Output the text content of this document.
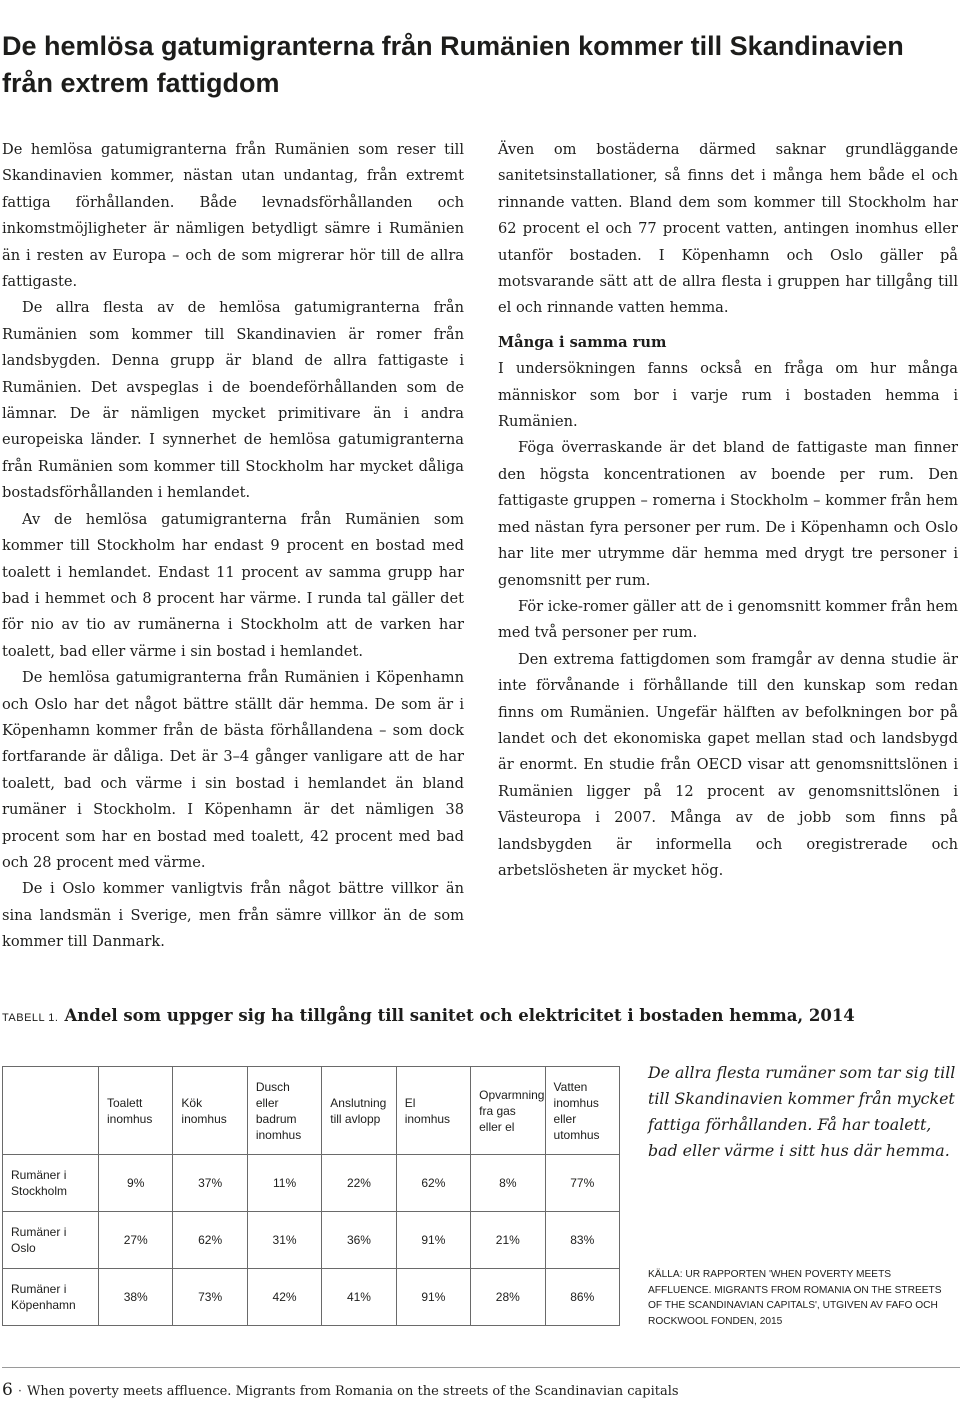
De hemlösa gatumigranterna från Rumänien kommer till Skandinavien från extrem fattigdom

De hemlösa gatumigranterna från Rumänien som reser till Skandinavien kommer, nästan utan undantag, från extremt fattiga förhållanden. Både levnadsförhållanden och inkomstmöjligheter är nämligen betydligt sämre i Rumänien än i resten av Europa – och de som migrerar hör till de allra fattigaste.

De allra flesta av de hemlösa gatumigranterna från Rumänien som kommer till Skandinavien är romer från landsbygden. Denna grupp är bland de allra fattigaste i Rumänien. Det avspeglas i de boendeförhållanden som de lämnar. De är nämligen mycket primitivare än i andra europeiska länder. I synnerhet de hemlösa gatumigranterna från Rumänien som kommer till Stockholm har mycket dåliga bostadsförhållanden i hemlandet.

Av de hemlösa gatumigranterna från Rumänien som kommer till Stockholm har endast 9 procent en bostad med toalett i hemlandet. Endast 11 procent av samma grupp har bad i hemmet och 8 procent har värme. I runda tal gäller det för nio av tio av rumänerna i Stockholm att de varken har toalett, bad eller värme i sin bostad i hemlandet.

De hemlösa gatumigranterna från Rumänien i Köpenhamn och Oslo har det något bättre ställt där hemma. De som är i Köpenhamn kommer från de bästa förhållandena – som dock fortfarande är dåliga. Det är 3–4 gånger vanligare att de har toalett, bad och värme i sin bostad i hemlandet än bland rumäner i Stockholm. I Köpenhamn är det nämligen 38 procent som har en bostad med toalett, 42 procent med bad och 28 procent med värme.

De i Oslo kommer vanligtvis från något bättre villkor än sina landsmän i Sverige, men från sämre villkor än de som kommer till Danmark.

Även om bostäderna därmed saknar grundläggande sanitetsinstallationer, så finns det i många hem både el och rinnande vatten. Bland dem som kommer till Stockholm har 62 procent el och 77 procent vatten, antingen inomhus eller utanför bostaden. I Köpenhamn och Oslo gäller på motsvarande sätt att de allra flesta i gruppen har tillgång till el och rinnande vatten hemma.

Många i samma rum

I undersökningen fanns också en fråga om hur många människor som bor i varje rum i bostaden hemma i Rumänien.

Föga överraskande är det bland de fattigaste man finner den högsta koncentrationen av boende per rum. Den fattigaste gruppen – romerna i Stockholm – kommer från hem med nästan fyra personer per rum. De i Köpenhamn och Oslo har lite mer utrymme där hemma med drygt tre personer i genomsnitt per rum.

För icke-romer gäller att de i genomsnitt kommer från hem med två personer per rum.

Den extrema fattigdomen som framgår av denna studie är inte förvånande i förhållande till den kunskap som redan finns om Rumänien. Ungefär hälften av befolkningen bor på landet och det ekonomiska gapet mellan stad och landsbygd är enormt. En studie från OECD visar att genomsnittslönen i Rumänien ligger på 12 procent av genomsnittslönen i Västeuropa i 2007. Många av de jobb som finns på landsbygden är informella och oregistrerade och arbetslösheten är mycket hög.

TABELL 1. Andel som uppger sig ha tillgång till sanitet och elektricitet i bostaden hemma, 2014
	Toalett inomhus	Kök inomhus	Dusch eller badrum inomhus	Anslutning till avlopp	El inomhus	Opvarmning fra gas eller el	Vatten inomhus eller utomhus
Rumäner i Stockholm	9%	37%	11%	22%	62%	8%	77%
Rumäner i Oslo	27%	62%	31%	36%	91%	21%	83%
Rumäner i Köpenhamn	38%	73%	42%	41%	91%	28%	86%
De allra flesta rumäner som tar sig till till Skandinavien kommer från mycket fattiga förhållanden. Få har toalett, bad eller värme i sitt hus där hemma.
KÄLLA: UR RAPPORTEN 'WHEN POVERTY MEETS AFFLUENCE. MIGRANTS FROM ROMANIA ON THE STREETS OF THE SCANDINAVIAN CAPITALS', UTGIVEN AV FAFO OCH ROCKWOOL FONDEN, 2015
6 · When poverty meets affluence. Migrants from Romania on the streets of the Scandinavian capitals
